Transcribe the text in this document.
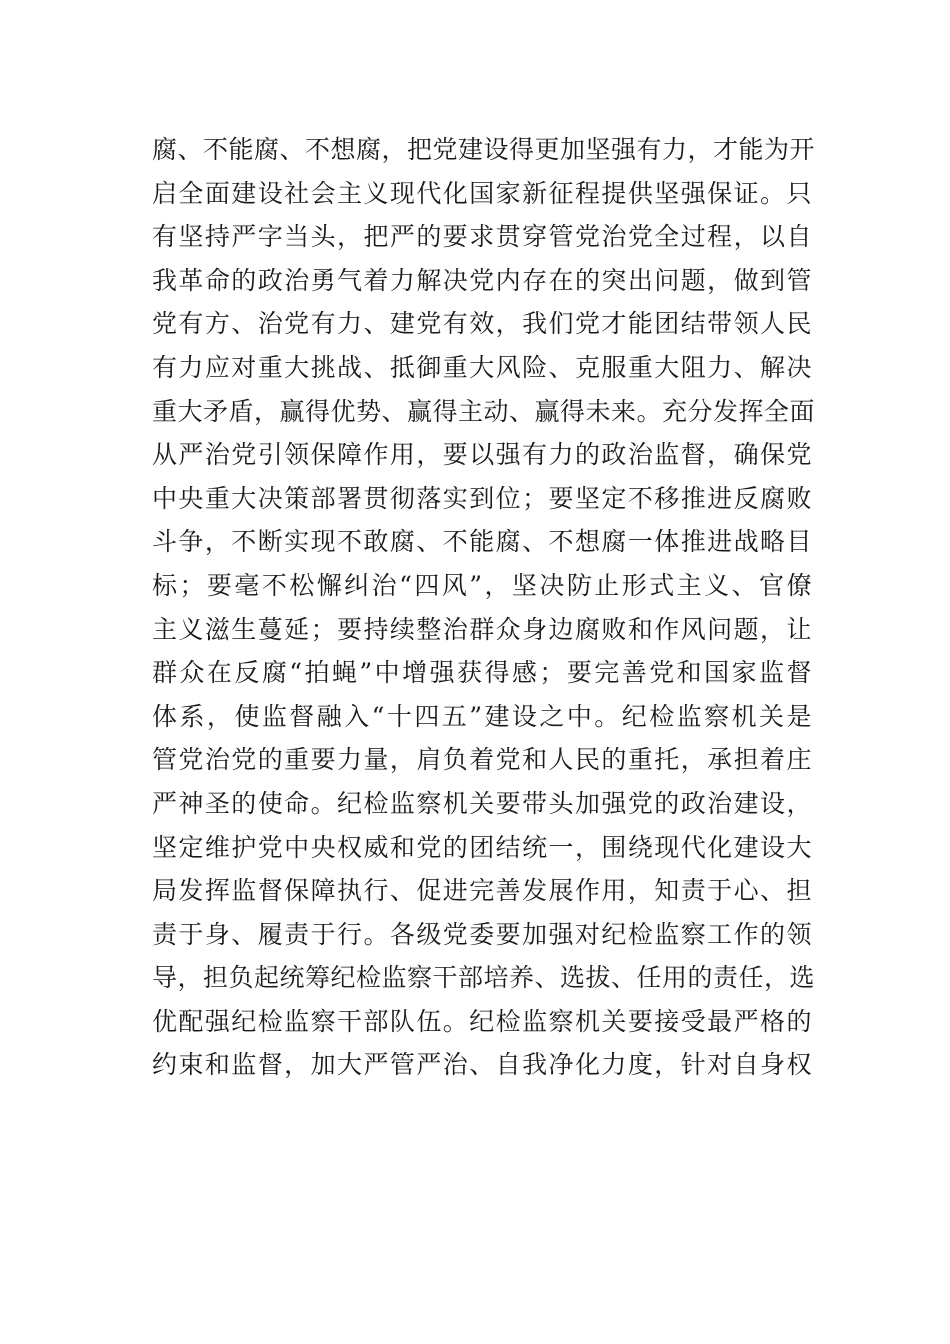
腐、不能腐、不想腐，把党建设得更加坚强有力，才能为开
启全面建设社会主义现代化国家新征程提供坚强保证。只
有坚持严字当头，把严的要求贯穿管党治党全过程，以自
我革命的政治勇气着力解决党内存在的突出问题，做到管
党有方、治党有力、建党有效，我们党才能团结带领人民
有力应对重大挑战、抵御重大风险、克服重大阻力、解决
重大矛盾，赢得优势、赢得主动、赢得未来。充分发挥全面
从严治党引领保障作用，要以强有力的政治监督，确保党
中央重大决策部署贯彻落实到位；要坚定不移推进反腐败
斗争，不断实现不敢腐、不能腐、不想腐一体推进战略目
标；要毫不松懈纠治“四风”，坚决防止形式主义、官僚
主义滋生蔓延；要持续整治群众身边腐败和作风问题，让
群众在反腐“拍蝇”中增强获得感；要完善党和国家监督
体系，使监督融入“十四五”建设之中。纪检监察机关是
管党治党的重要力量，肩负着党和人民的重托，承担着庄
严神圣的使命。纪检监察机关要带头加强党的政治建设，
坚定维护党中央权威和党的团结统一，围绕现代化建设大
局发挥监督保障执行、促进完善发展作用，知责于心、担
责于身、履责于行。各级党委要加强对纪检监察工作的领
导，担负起统筹纪检监察干部培养、选拔、任用的责任，选
优配强纪检监察干部队伍。纪检监察机关要接受最严格的
约束和监督，加大严管严治、自我净化力度，针对自身权
